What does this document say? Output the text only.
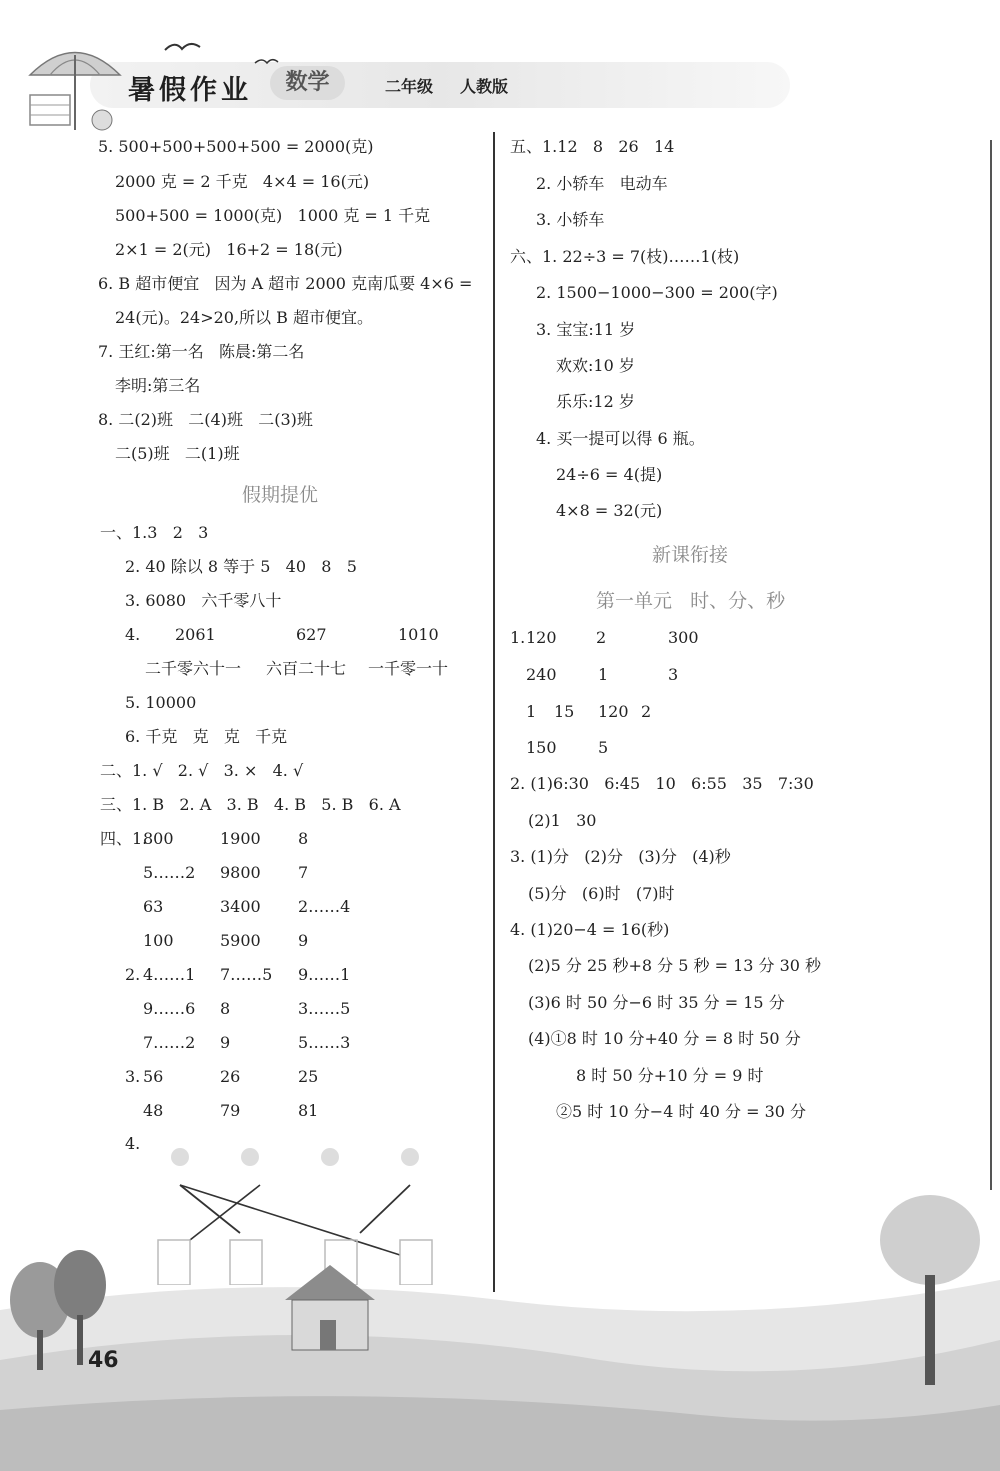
暑假作业	数学	二年级 人教版
5. 500+500+500+500 = 2000(克)
2000 克 = 2 千克   4×4 = 16(元)
500+500 = 1000(克)   1000 克 = 1 千克
2×1 = 2(元)   16+2 = 18(元)
6. B 超市便宜   因为 A 超市 2000 克南瓜要 4×6 =
24(元)。24>20,所以 B 超市便宜。
7. 王红:第一名   陈晨:第二名
李明:第三名
8. 二(2)班   二(4)班   二(3)班
二(5)班   二(1)班
假期提优
一、1.3   2   3
2. 40 除以 8 等于 5   40   8   5
3. 6080   六千零八十
4. 2061	627	1010
二千零六十一 六百二十七 一千零一十
5. 10000
6. 千克   克   克   千克
二、1. √   2. √   3. ×   4. √
三、1. B   2. A   3. B   4. B   5. B   6. A
四、1.
800	1900 8
5……2 9800 7
63	3400 2……4
100	5900 9
2. 4……1 7……5 9……1
9……6 8	3……5
7……2 9	5……3
3. 56	26	25
48	79	81
4.
五、1.12   8   26   14
2. 小轿车   电动车
3. 小轿车
六、1. 22÷3 = 7(枝)……1(枝)
2. 1500−1000−300 = 200(字)
3. 宝宝:11 岁
欢欢:10 岁
乐乐:12 岁
4. 买一提可以得 6 瓶。
24÷6 = 4(提)
4×8 = 32(元)
新课衔接
第一单元   时、分、秒
1. 120 2	300
240	1	3
1 15 120 2
150	5
2. (1)6:30   6:45   10   6:55   35   7:30
(2)1   30
3. (1)分   (2)分   (3)分   (4)秒
(5)分   (6)时   (7)时
4. (1)20−4 = 16(秒)
(2)5 分 25 秒+8 分 5 秒 = 13 分 30 秒
(3)6 时 50 分−6 时 35 分 = 15 分
(4)①8 时 10 分+40 分 = 8 时 50 分
8 时 50 分+10 分 = 9 时
②5 时 10 分−4 时 40 分 = 30 分
46
